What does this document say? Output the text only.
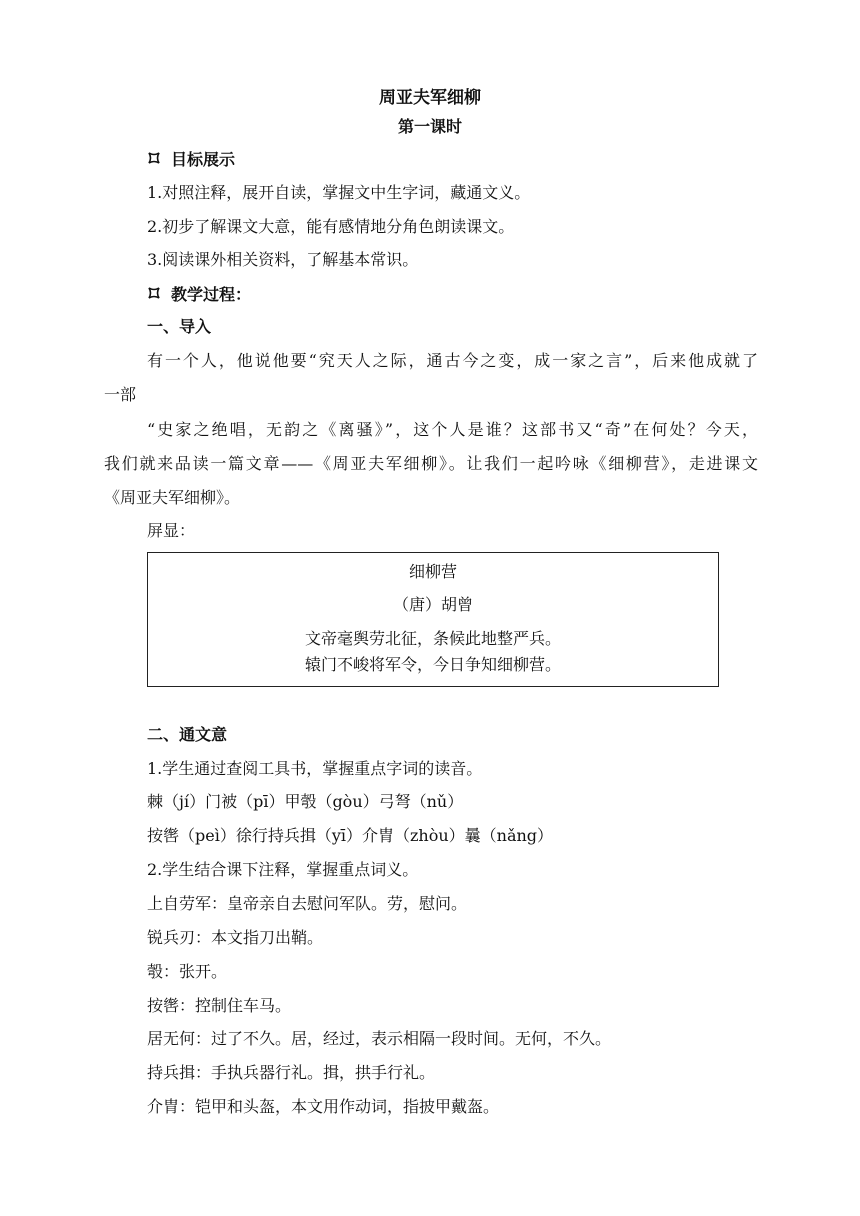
周亚夫军细柳
第一课时
目标展示
1.对照注释，展开自读，掌握文中生字词，藏通文义。
2.初步了解课文大意，能有感情地分角色朗读课文。
3.阅读课外相关资料，了解基本常识。
教学过程：
一、导入
有一个人，他说他要“究天人之际，通古今之变，成一家之言”，后来他成就了
一部
“史家之绝唱，无韵之《离骚》”，这个人是谁？这部书又“奇”在何处？今天，
我们就来品读一篇文章——《周亚夫军细柳》。让我们一起吟咏《细柳营》，走进课文
《周亚夫军细柳》。
屏显：
细柳营
（唐）胡曾
文帝毫舆劳北征，条候此地整严兵。
辕门不峻将军令，今日争知细柳营。
二、通文意
1.学生通过查阅工具书，掌握重点字词的读音。
棘（jí）门被（pī）甲彀（gòu）弓弩（nǔ）
按辔（peì）徐行持兵揖（yī）介胄（zhòu）曩（nǎng）
2.学生结合课下注释，掌握重点词义。
上自劳军：皇帝亲自去慰问军队。劳，慰问。
锐兵刃：本文指刀出鞘。
彀：张开。
按辔：控制住车马。
居无何：过了不久。居，经过，表示相隔一段时间。无何，不久。
持兵揖：手执兵器行礼。揖，拱手行礼。
介胄：铠甲和头盔，本文用作动词，指披甲戴盔。
